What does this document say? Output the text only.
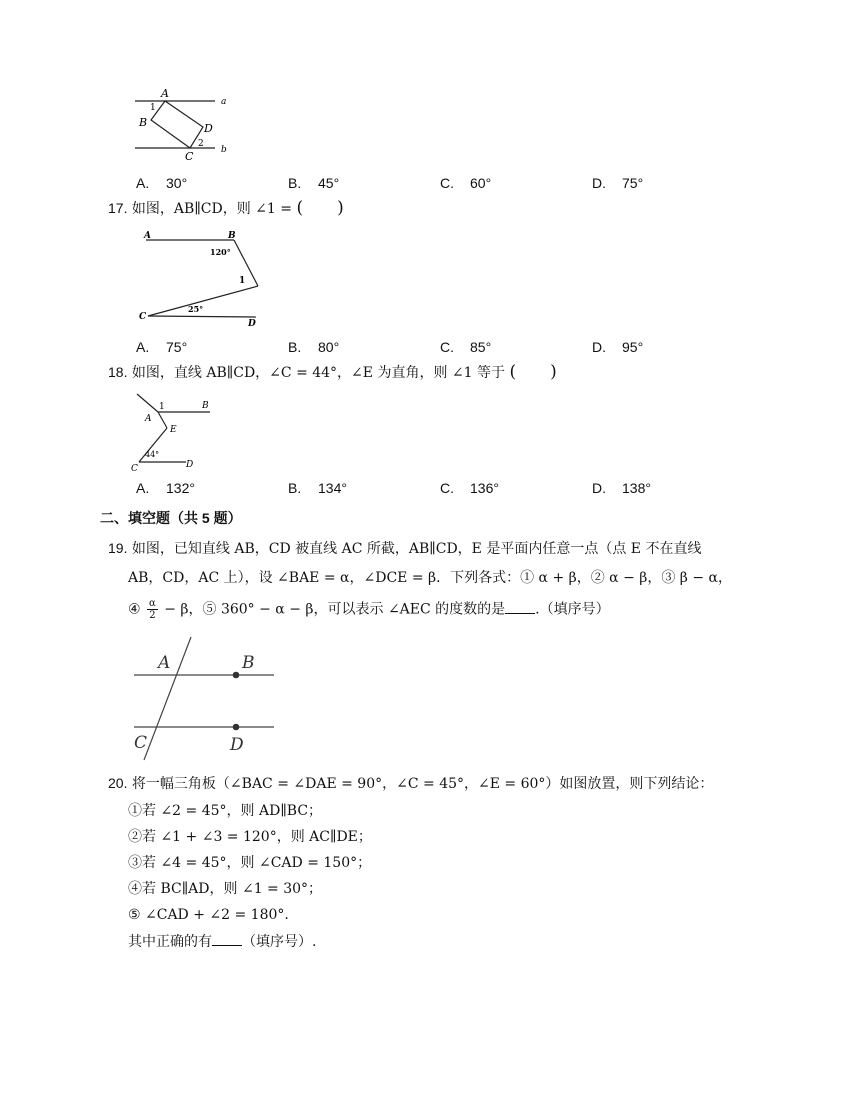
A
B
C
D
a
b
1
2
A. 30°	B. 45°	C. 60°	D. 75°
17. 如图，AB∥CD，则 ∠1 = (　　)
A	B
C
D
120°
25°
1
A. 75°	B. 80°	C. 85°	D. 95°
18. 如图，直线 AB∥CD，∠C = 44°，∠E 为直角，则 ∠1 等于 (　　)
A
B
C	D
E
44°
1
A. 132°	B. 134°	C. 136°	D. 138°
二、填空题（共 5 题）
19. 如图，已知直线 AB，CD 被直线 AC 所截，AB∥CD，E 是平面内任意一点（点 E 不在直线
AB，CD，AC 上），设 ∠BAE = α，∠DCE = β．下列各式：① α + β，② α − β，③ β − α，
④ $\frac{\alpha}{2} - \beta$，⑤ 360° − α − β，可以表示 ∠AEC 的度数的是 .（填序号）
A	B
C	D
20. 将一幅三角板（∠BAC = ∠DAE = 90°，∠C = 45°，∠E = 60°）如图放置，则下列结论：
①若 ∠2 = 45°，则 AD∥BC；
②若 ∠1 + ∠3 = 120°，则 AC∥DE；
③若 ∠4 = 45°，则 ∠CAD = 150°；
④若 BC∥AD，则 ∠1 = 30°；
⑤ ∠CAD + ∠2 = 180°.
其中正确的有 （填序号）.
